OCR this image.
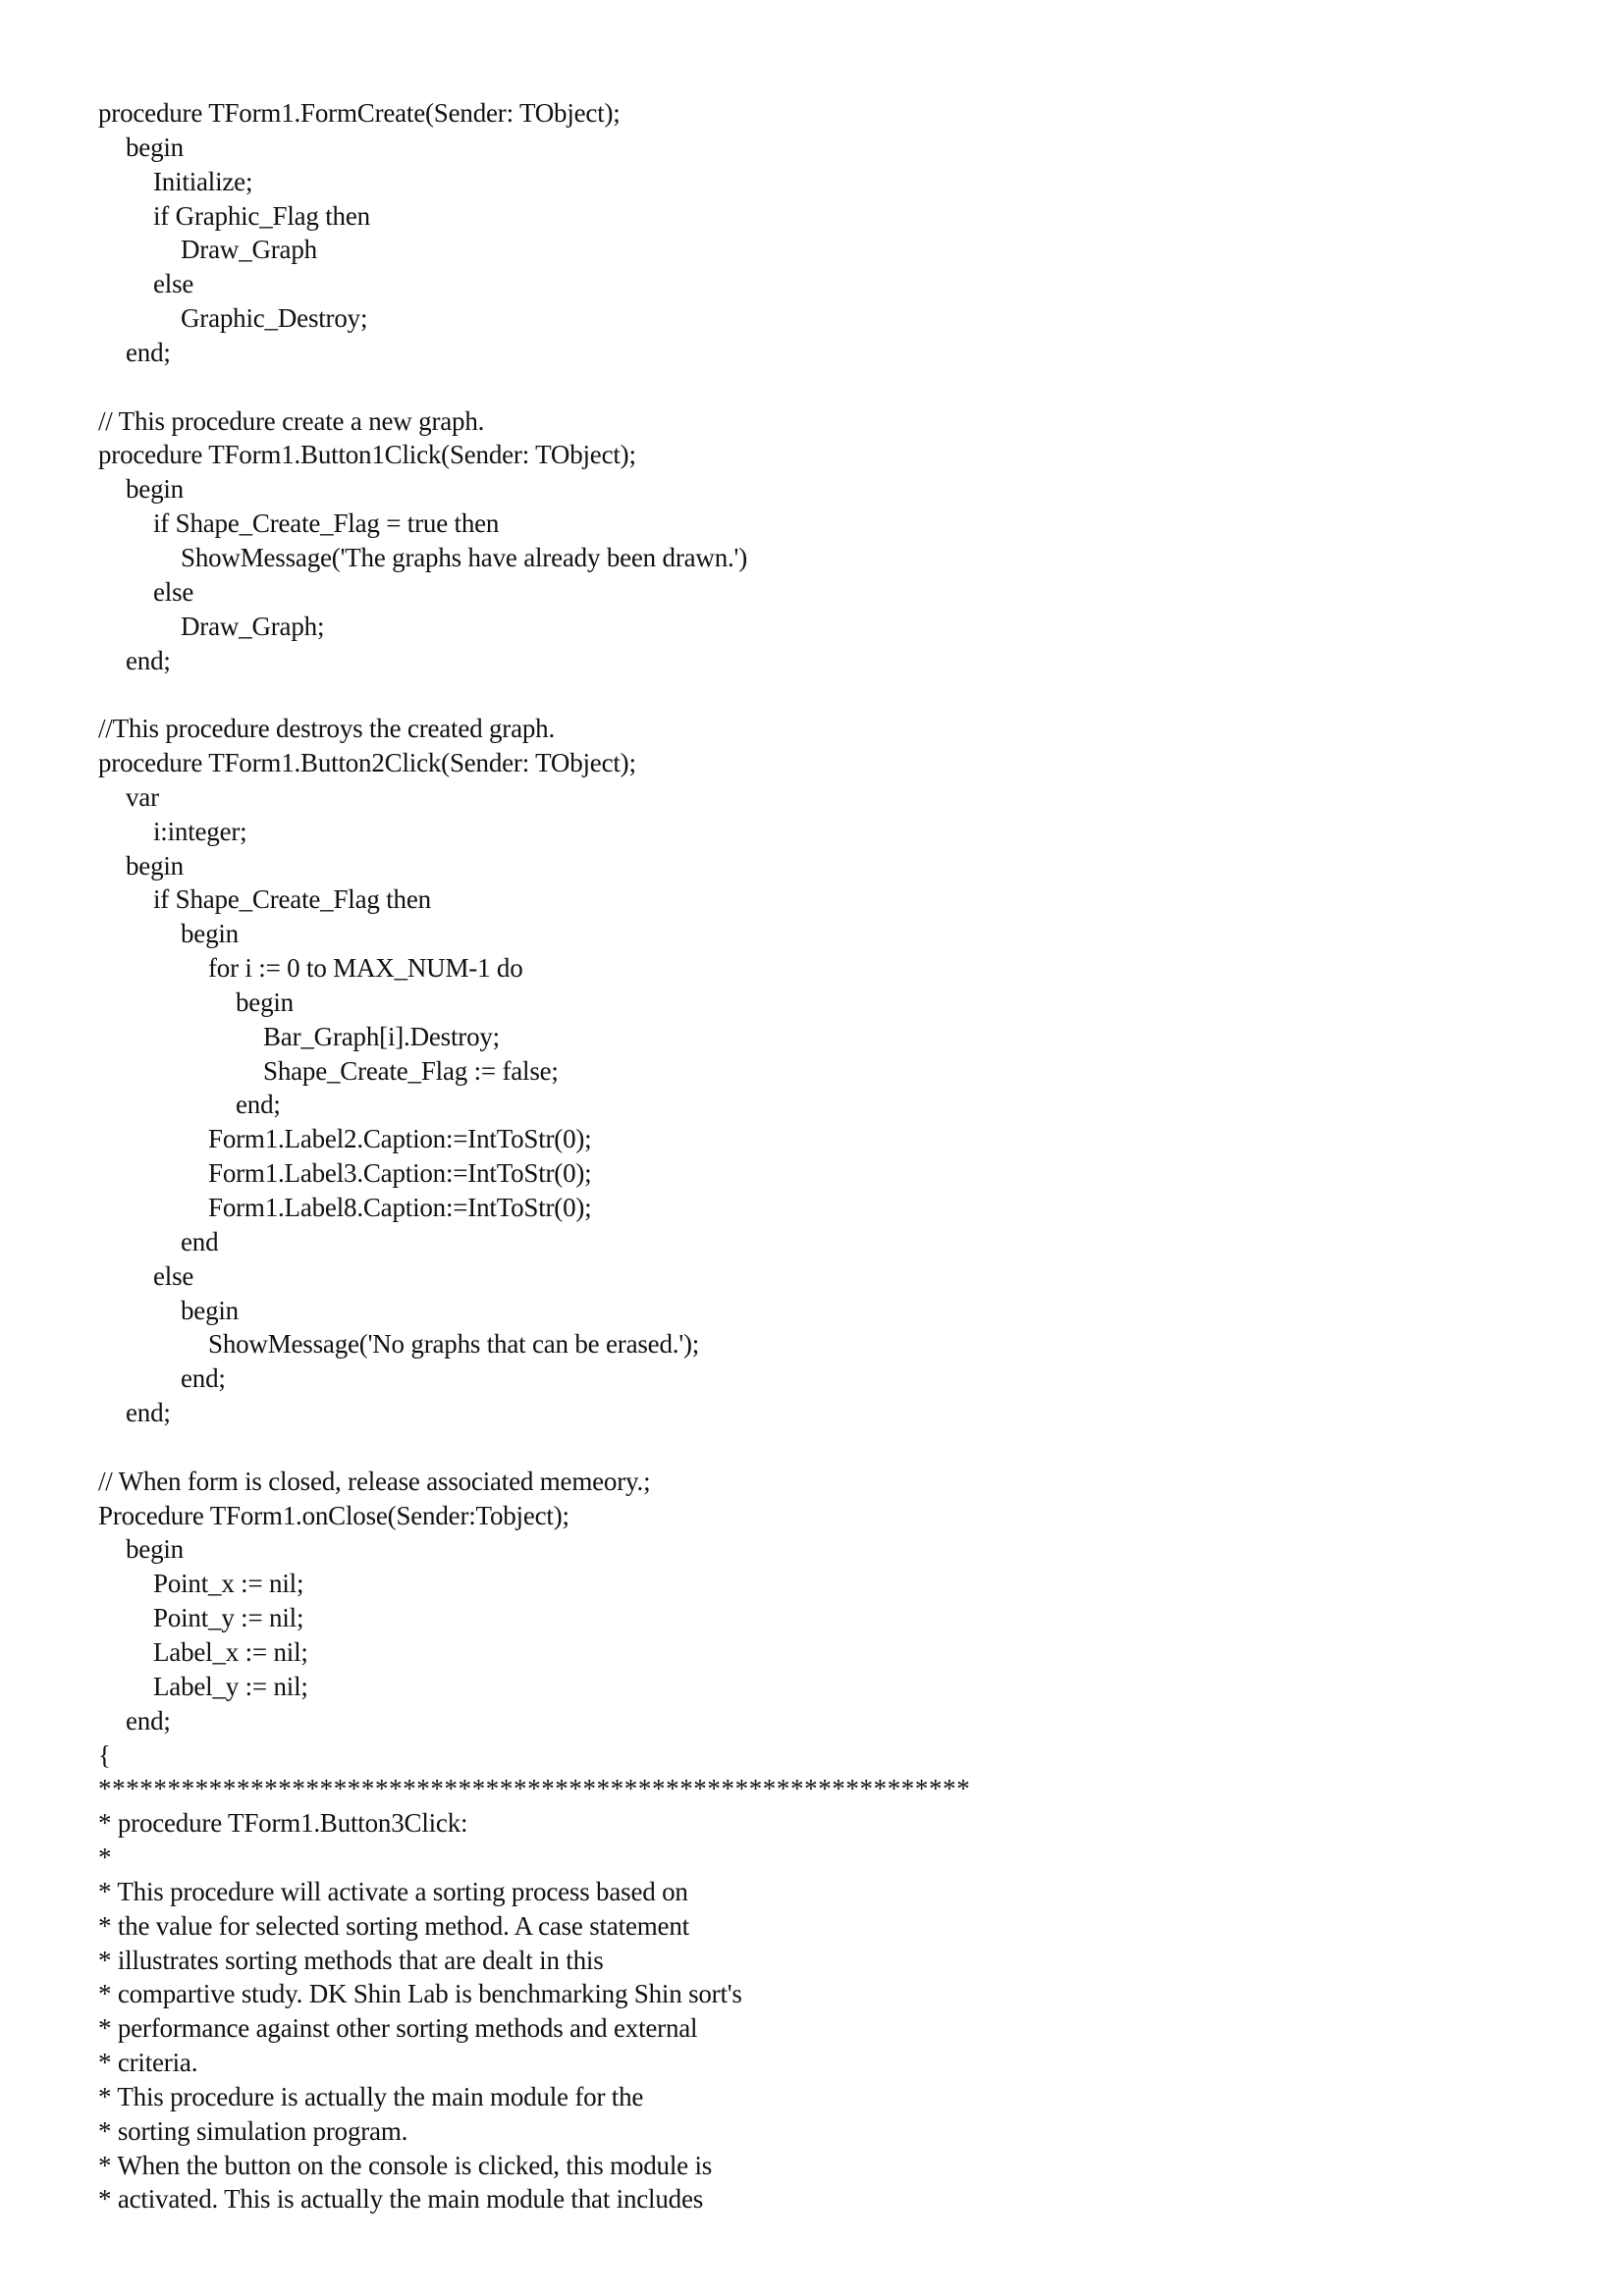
procedure TForm1.FormCreate(Sender: TObject);
begin
Initialize;
if Graphic_Flag then
Draw_Graph
else
Graphic_Destroy;
end;
// This procedure create a new graph.
procedure TForm1.Button1Click(Sender: TObject);
begin
if Shape_Create_Flag = true then
ShowMessage('The graphs have already been drawn.')
else
Draw_Graph;
end;
//This procedure destroys the created graph.
procedure TForm1.Button2Click(Sender: TObject);
var
i:integer;
begin
if Shape_Create_Flag then
begin
for i := 0 to MAX_NUM-1 do
begin
Bar_Graph[i].Destroy;
Shape_Create_Flag := false;
end;
Form1.Label2.Caption:=IntToStr(0);
Form1.Label3.Caption:=IntToStr(0);
Form1.Label8.Caption:=IntToStr(0);
end
else
begin
ShowMessage('No graphs that can be erased.');
end;
end;
// When form is closed, release associated memeory.;
Procedure TForm1.onClose(Sender:Tobject);
begin
Point_x := nil;
Point_y := nil;
Label_x := nil;
Label_y := nil;
end;
{
***************************************************************
* procedure TForm1.Button3Click:
*
* This procedure will activate a sorting process based on
* the value for selected sorting method. A case statement
* illustrates sorting methods that are dealt in this
* compartive study. DK Shin Lab is benchmarking Shin sort's
* performance against other sorting methods and external
* criteria.
* This procedure is actually the main module for the
* sorting simulation program.
* When the button on the console is clicked, this module is
* activated. This is actually the main module that includes
